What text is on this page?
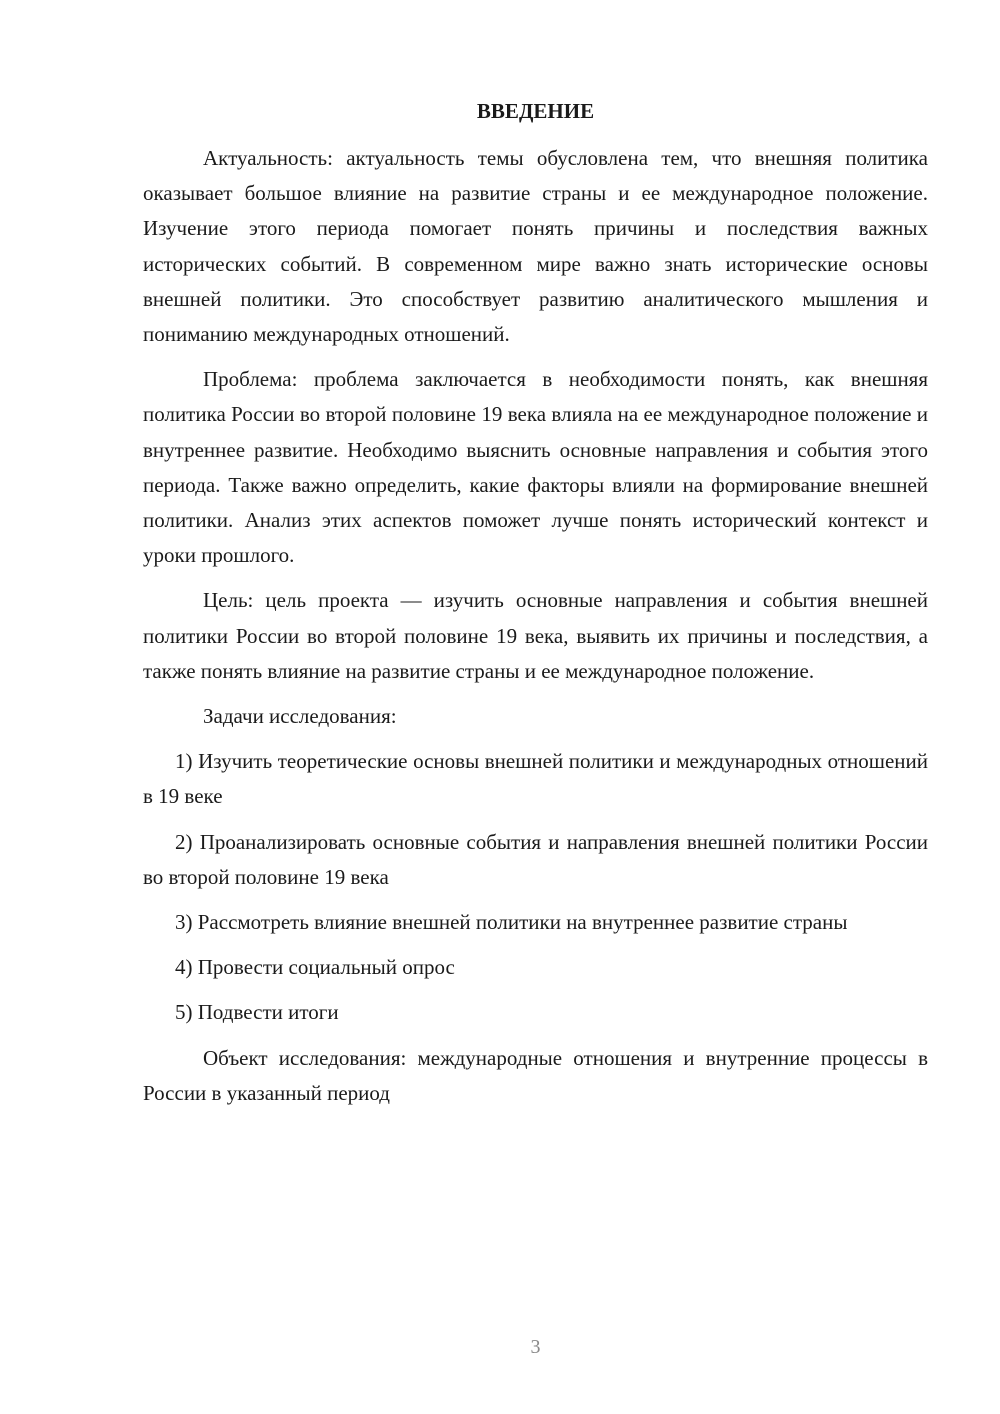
ВВЕДЕНИЕ

Актуальность: актуальность темы обусловлена тем, что внешняя политика оказывает большое влияние на развитие страны и ее международное положение. Изучение этого периода помогает понять причины и последствия важных исторических событий. В современном мире важно знать исторические основы внешней политики. Это способствует развитию аналитического мышления и пониманию международных отношений.

Проблема: проблема заключается в необходимости понять, как внешняя политика России во второй половине 19 века влияла на ее международное положение и внутреннее развитие. Необходимо выяснить основные направления и события этого периода. Также важно определить, какие факторы влияли на формирование внешней политики. Анализ этих аспектов поможет лучше понять исторический контекст и уроки прошлого.

Цель: цель проекта — изучить основные направления и события внешней политики России во второй половине 19 века, выявить их причины и последствия, а также понять влияние на развитие страны и ее международное положение.

Задачи исследования:

1) Изучить теоретические основы внешней политики и международных отношений в 19 веке

2) Проанализировать основные события и направления внешней политики России во второй половине 19 века

3) Рассмотреть влияние внешней политики на внутреннее развитие страны

4) Провести социальный опрос

5) Подвести итоги

Объект исследования: международные отношения и внутренние процессы в России в указанный период

3
